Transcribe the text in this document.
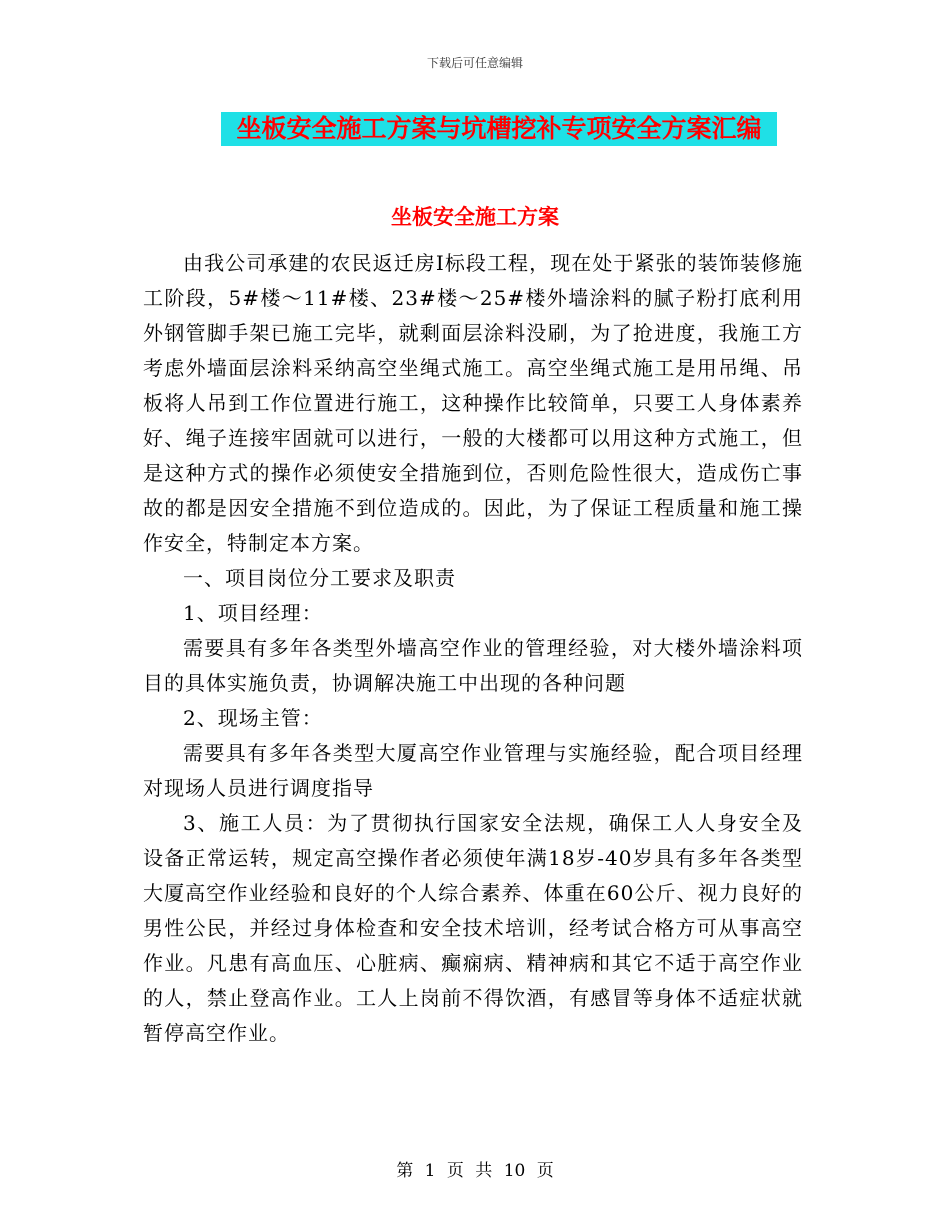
下载后可任意编辑
坐板安全施工方案与坑槽挖补专项安全方案汇编
坐板安全施工方案

由我公司承建的农民返迁房Ⅰ标段工程，现在处于紧张的装饰装修施工阶段，5#楼～11#楼、23#楼～25#楼外墙涂料的腻子粉打底利用外钢管脚手架已施工完毕，就剩面层涂料没刷，为了抢进度，我施工方考虑外墙面层涂料采纳高空坐绳式施工。高空坐绳式施工是用吊绳、吊板将人吊到工作位置进行施工，这种操作比较简单，只要工人身体素养好、绳子连接牢固就可以进行，一般的大楼都可以用这种方式施工，但是这种方式的操作必须使安全措施到位，否则危险性很大，造成伤亡事故的都是因安全措施不到位造成的。因此，为了保证工程质量和施工操作安全，特制定本方案。

一、项目岗位分工要求及职责

1、项目经理：

需要具有多年各类型外墙高空作业的管理经验，对大楼外墙涂料项目的具体实施负责，协调解决施工中出现的各种问题

2、现场主管：

需要具有多年各类型大厦高空作业管理与实施经验，配合项目经理对现场人员进行调度指导

3、施工人员：为了贯彻执行国家安全法规，确保工人人身安全及设备正常运转，规定高空操作者必须使年满18岁-40岁具有多年各类型大厦高空作业经验和良好的个人综合素养、体重在60公斤、视力良好的男性公民，并经过身体检查和安全技术培训，经考试合格方可从事高空作业。凡患有高血压、心脏病、癫痫病、精神病和其它不适于高空作业的人，禁止登高作业。工人上岗前不得饮酒，有感冒等身体不适症状就暂停高空作业。

第 1 页 共 10 页
